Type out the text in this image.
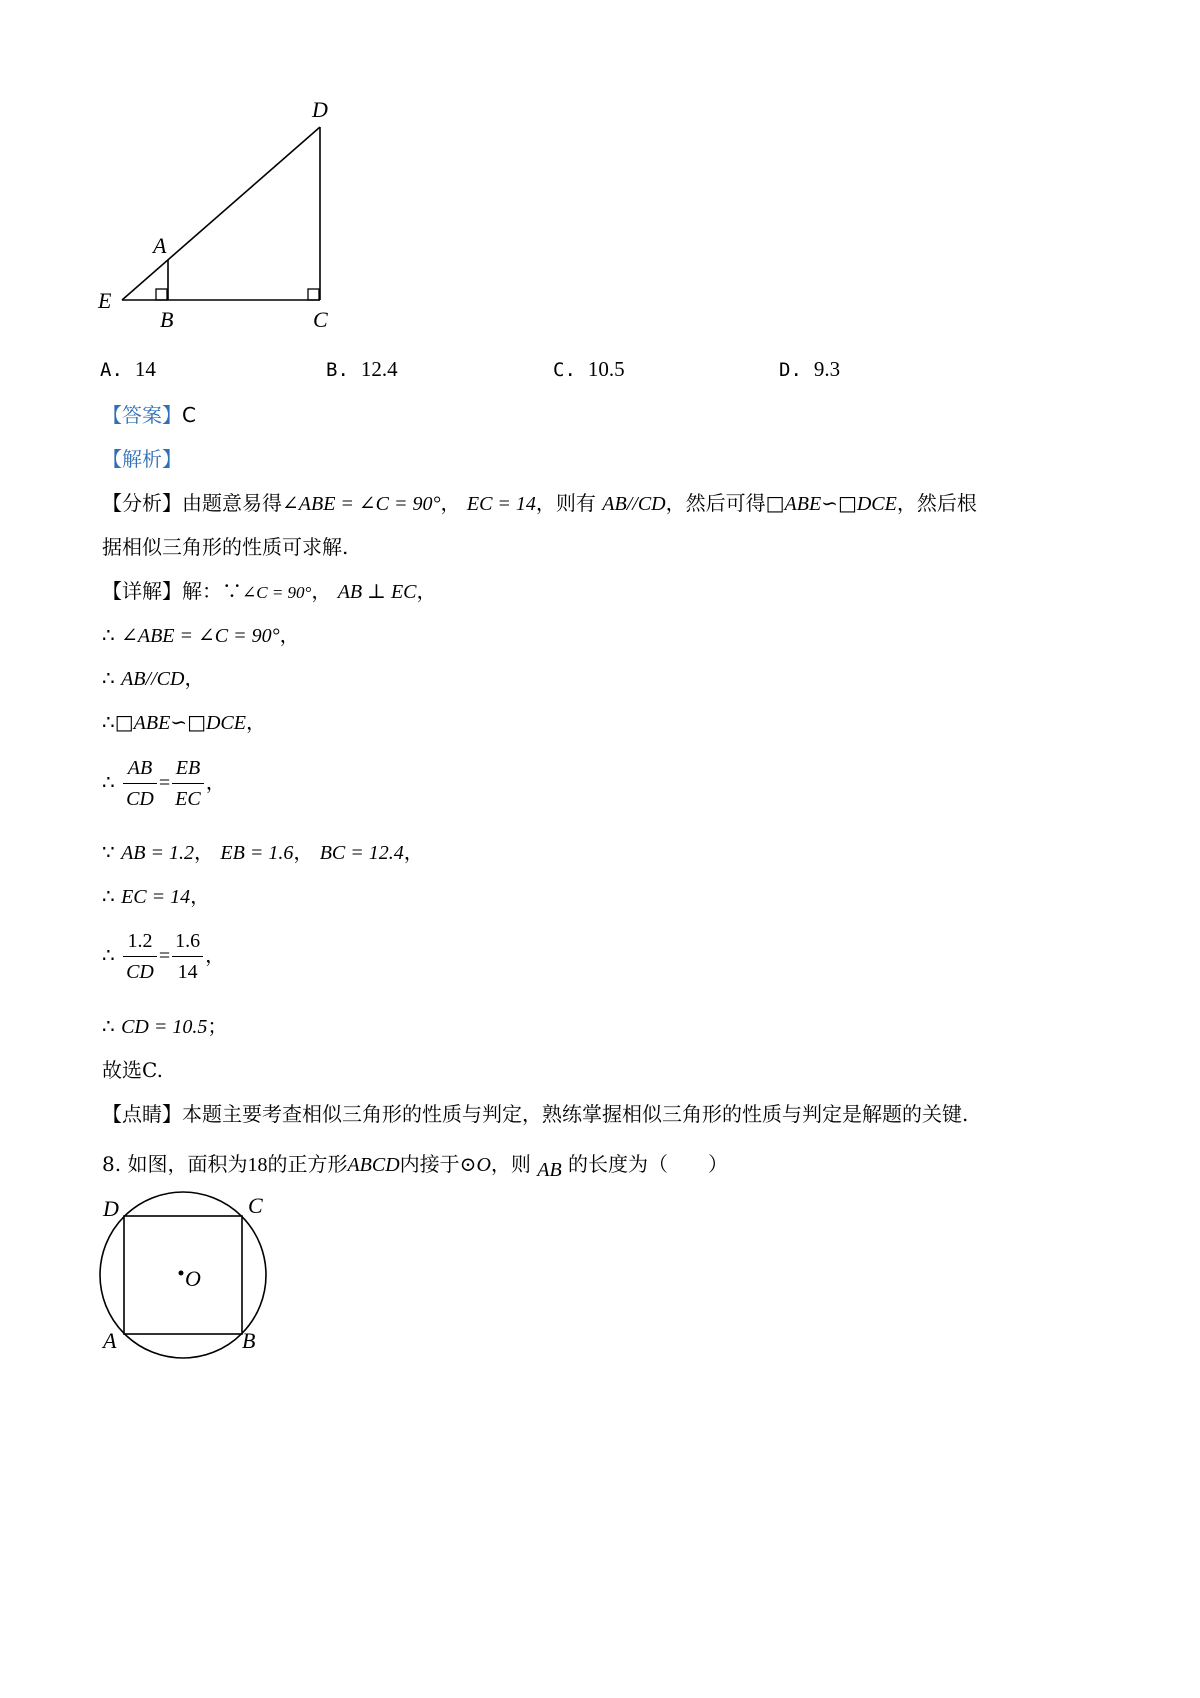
D
A
E
B	C
A. 14	B. 12.4	C. 10.5	D. 9.3
【答案】C
【解析】
【分析】由题意易得∠ABE = ∠C = 90°， EC = 14，则有 AB//CD，然后可得□ABE∽□DCE，然后根
据相似三角形的性质可求解.
【详解】解：∵∠C = 90°， AB ⊥ EC，
∴ ∠ABE = ∠C = 90°，
∴ AB//CD，
∴□ABE∽□DCE，
∴ $\frac{AB}{CD} = \frac{EB}{EC}$ ，
∵ AB = 1.2， EB = 1.6， BC = 12.4，
∴ EC = 14，
∴ $\frac{1.2}{CD} = \frac{1.6}{14}$ ，
∴ CD = 10.5；
故选C.
【点睛】本题主要考查相似三角形的性质与判定，熟练掌握相似三角形的性质与判定是解题的关键.
8. 如图，面积为18的正方形ABCD内接于⊙O，则 AB 的长度为（　　）
O
D	C
A	B
